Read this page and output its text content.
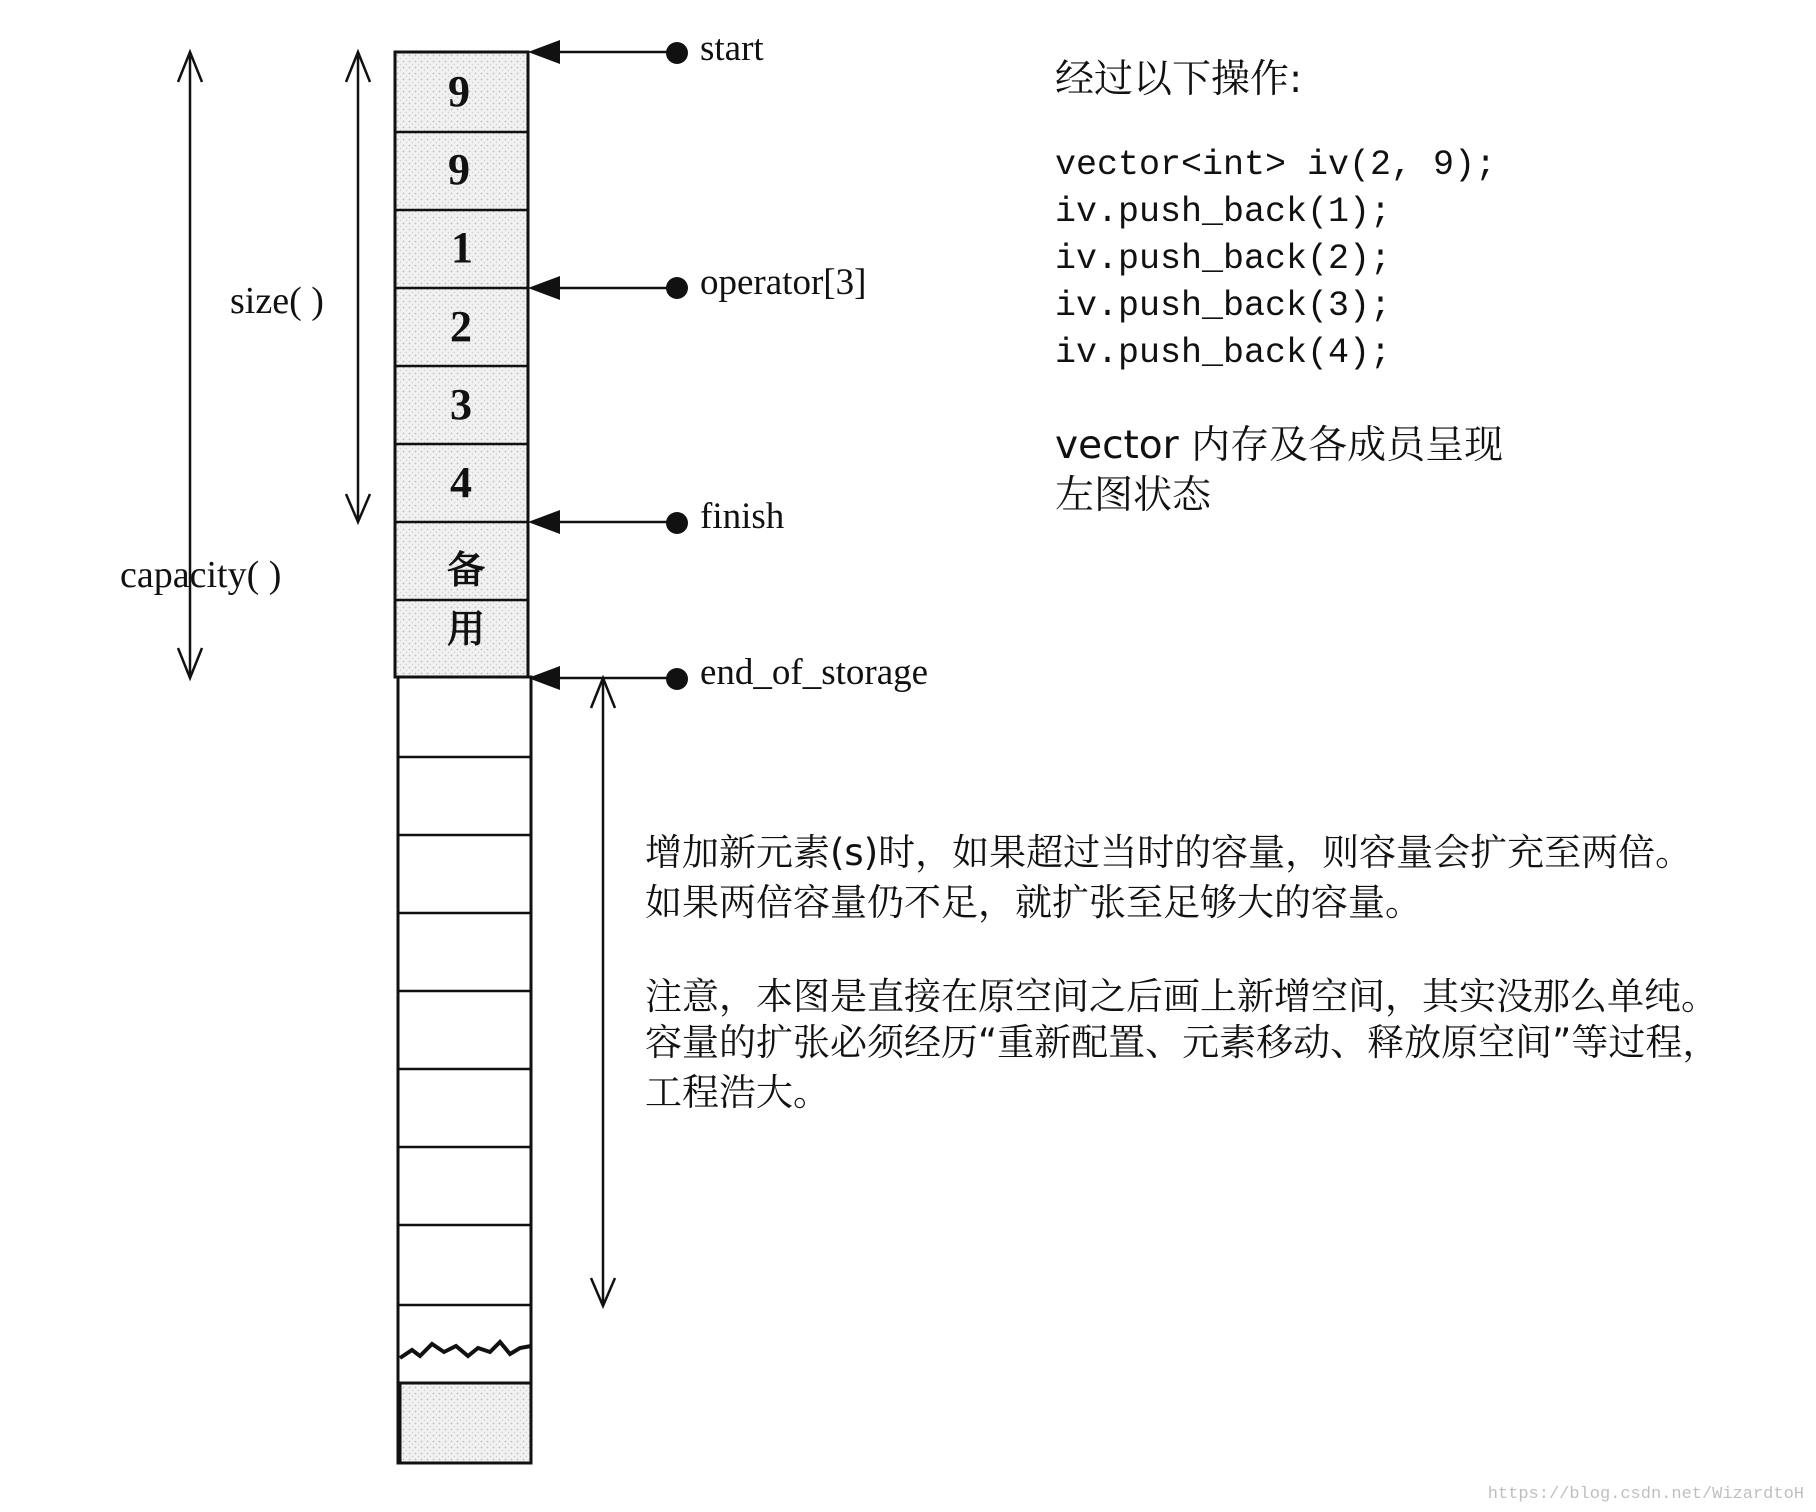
9
9
1
2
3
4
备
用
size( )
capacity( )
start
operator[3]
finish
end_of_storage
经过以下操作:
vector<int> iv(2, 9);
iv.push_back(1);
iv.push_back(2);
iv.push_back(3);
iv.push_back(4);
vector 内存及各成员呈现
左图状态
增加新元素(s)时，如果超过当时的容量，则容量会扩充至两倍。
如果两倍容量仍不足，就扩张至足够大的容量。
注意，本图是直接在原空间之后画上新增空间，其实没那么单纯。
容量的扩张必须经历“重新配置、元素移动、释放原空间”等过程，
工程浩大。
https://blog.csdn.net/WizardtoH
